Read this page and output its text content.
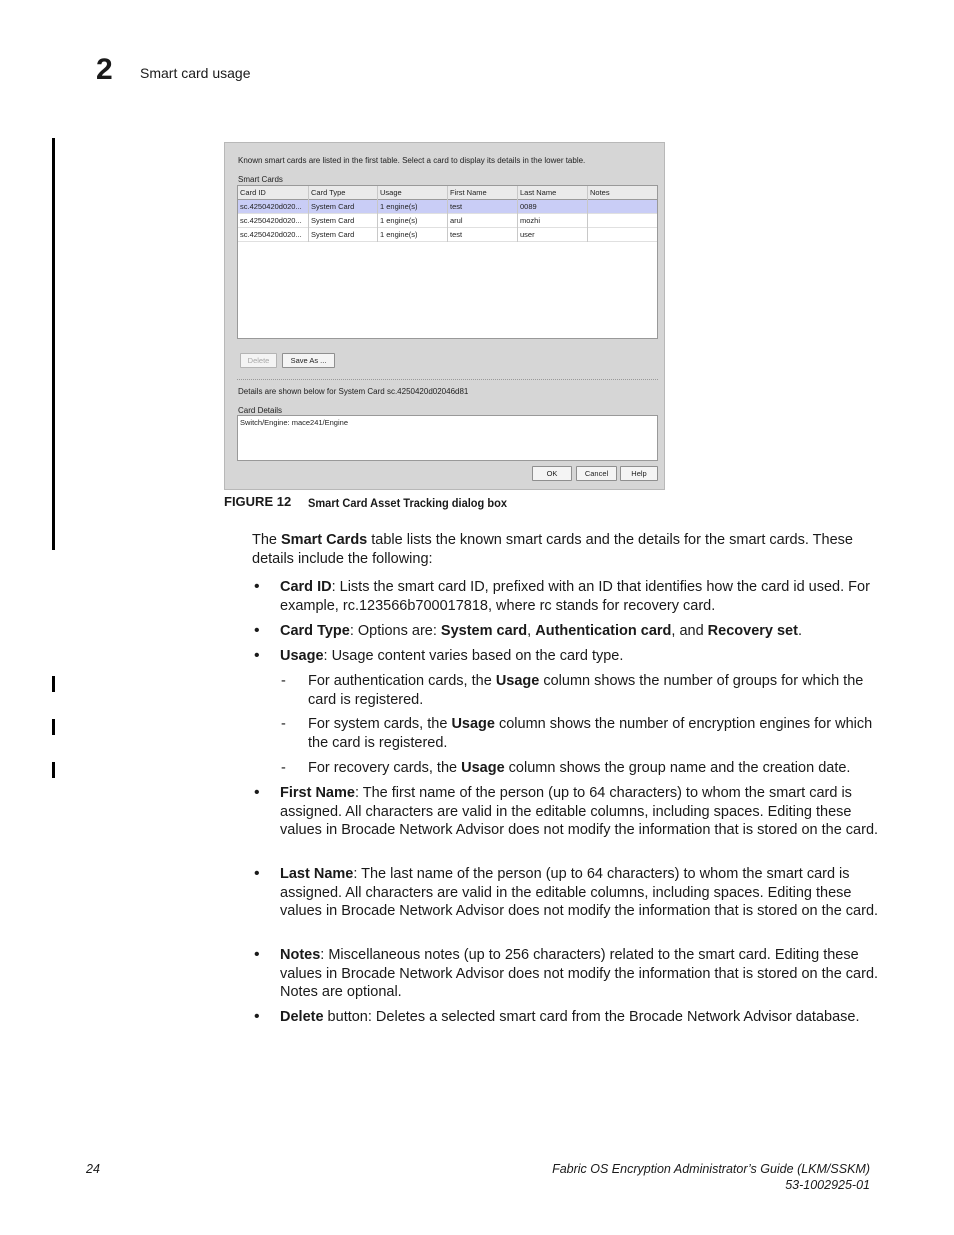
2 Smart card usage
Known smart cards are listed in the first table. Select a card to display its details in the lower table.
Smart Cards
Card ID	Card Type	Usage	First Name	Last Name	Notes
sc.4250420d020...	System Card	1 engine(s)	test	0089
sc.4250420d020...	System Card	1 engine(s)	arul	mozhi
sc.4250420d020...	System Card	1 engine(s)	test	user
Delete	Save As ...
Details are shown below for System Card sc.4250420d02046d81
Card Details
Switch/Engine: mace241/Engine
OK	Cancel	Help
FIGURE 12 Smart Card Asset Tracking dialog box
The Smart Cards table lists the known smart cards and the details for the smart cards. These details include the following:
• Card ID: Lists the smart card ID, prefixed with an ID that identifies how the card id used. For example, rc.123566b700017818, where rc stands for recovery card.
• Card Type: Options are: System card, Authentication card, and Recovery set.
• Usage: Usage content varies based on the card type.
- For authentication cards, the Usage column shows the number of groups for which the card is registered.
- For system cards, the Usage column shows the number of encryption engines for which the card is registered.
- For recovery cards, the Usage column shows the group name and the creation date.
• First Name: The first name of the person (up to 64 characters) to whom the smart card is assigned. All characters are valid in the editable columns, including spaces. Editing these values in Brocade Network Advisor does not modify the information that is stored on the card.
• Last Name: The last name of the person (up to 64 characters) to whom the smart card is assigned. All characters are valid in the editable columns, including spaces. Editing these values in Brocade Network Advisor does not modify the information that is stored on the card.
• Notes: Miscellaneous notes (up to 256 characters) related to the smart card. Editing these values in Brocade Network Advisor does not modify the information that is stored on the card. Notes are optional.
• Delete button: Deletes a selected smart card from the Brocade Network Advisor database.
24	Fabric OS Encryption Administrator’s Guide (LKM/SSKM)
53-1002925-01
